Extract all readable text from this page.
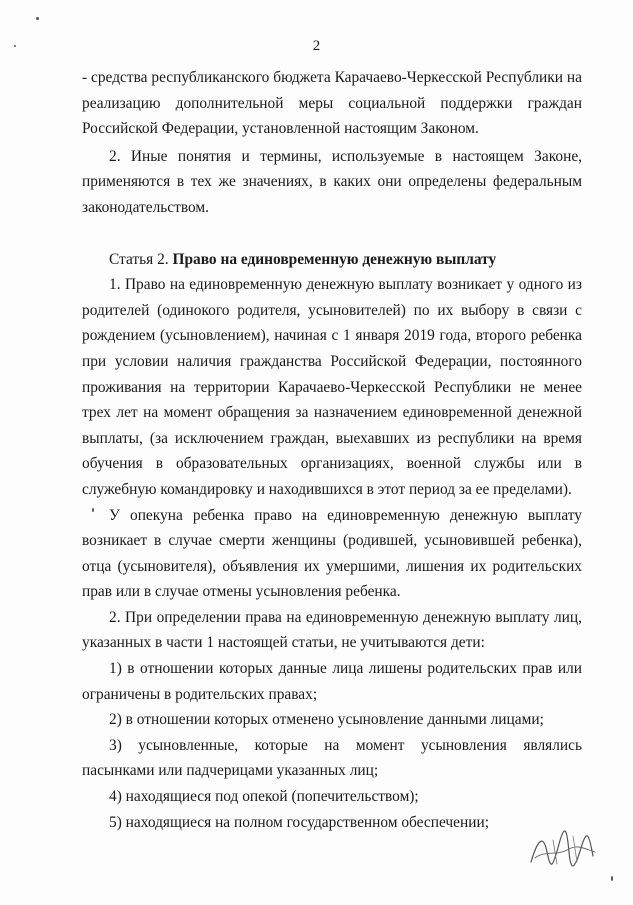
2

- средства республиканского бюджета Карачаево-Черкесской Республики на реализацию дополнительной меры социальной поддержки граждан Российской Федерации, установленной настоящим Законом.

2. Иные понятия и термины, используемые в настоящем Законе, применяются в тех же значениях, в каких они определены федеральным законодательством.

Статья 2. Право на единовременную денежную выплату

1. Право на единовременную денежную выплату возникает у одного из родителей (одинокого родителя, усыновителей) по их выбору в связи с рождением (усыновлением), начиная с 1 января 2019 года, второго ребенка при условии наличия гражданства Российской Федерации, постоянного проживания на территории Карачаево-Черкесской Республики не менее трех лет на момент обращения за назначением единовременной денежной выплаты, (за исключением граждан, выехавших из республики на время обучения в образовательных организациях, военной службы или в служебную командировку и находившихся в этот период за ее пределами).

У опекуна ребенка право на единовременную денежную выплату возникает в случае смерти женщины (родившей, усыновившей ребенка), отца (усыновителя), объявления их умершими, лишения их родительских прав или в случае отмены усыновления ребенка.

2. При определении права на единовременную денежную выплату лиц, указанных в части 1 настоящей статьи, не учитываются дети:

1) в отношении которых данные лица лишены родительских прав или ограничены в родительских правах;

2) в отношении которых отменено усыновление данными лицами;

3) усыновленные, которые на момент усыновления являлись пасынками или падчерицами указанных лиц;

4) находящиеся под опекой (попечительством);

5) находящиеся на полном государственном обеспечении;
